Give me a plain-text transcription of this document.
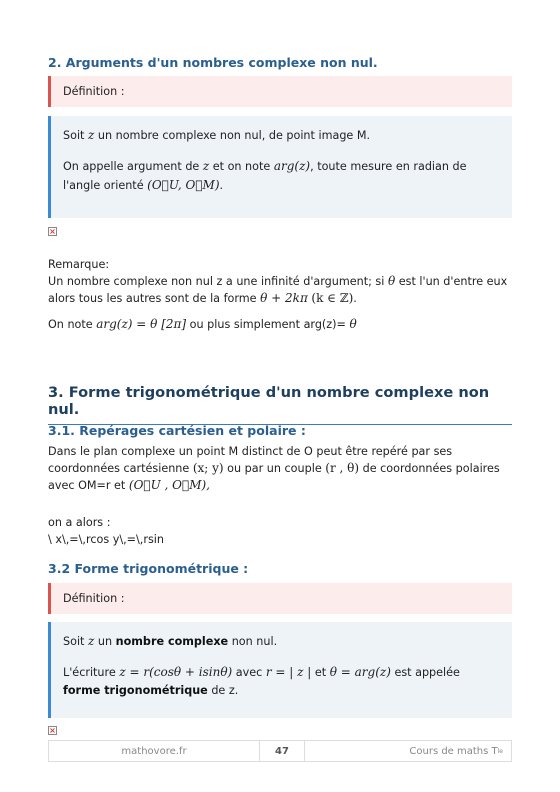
2. Arguments d'un nombres complexe non nul.
Définition :

Soit z un nombre complexe non nul, de point image M.

On appelle argument de z et on note arg(z), toute mesure en radian de l'angle orienté (O⃗U, O⃗M).

×
Remarque:
Un nombre complexe non nul z a une infinité d'argument; si θ est l'un d'entre eux alors tous les autres sont de la forme θ + 2kπ (k ∈ ℤ).
On note arg(z) = θ [2π] ou plus simplement arg(z)= θ
3. Forme trigonométrique d'un nombre complexe non nul.
3.1. Repérages cartésien et polaire :
Dans le plan complexe un point M distinct de O peut être repéré par ses coordonnées cartésienne (x; y) ou par un couple (r , θ) de coordonnées polaires avec OM=r et (O⃗U , O⃗M),
on a alors :
\ x\,=\,rcos y\,=\,rsin
3.2 Forme trigonométrique :
Définition :

Soit z un nombre complexe non nul.

L'écriture z = r(cosθ + isinθ) avec r = | z | et θ = arg(z) est appelée forme trigonométrique de z.

×
mathovore.fr	47	Cours de maths T le
